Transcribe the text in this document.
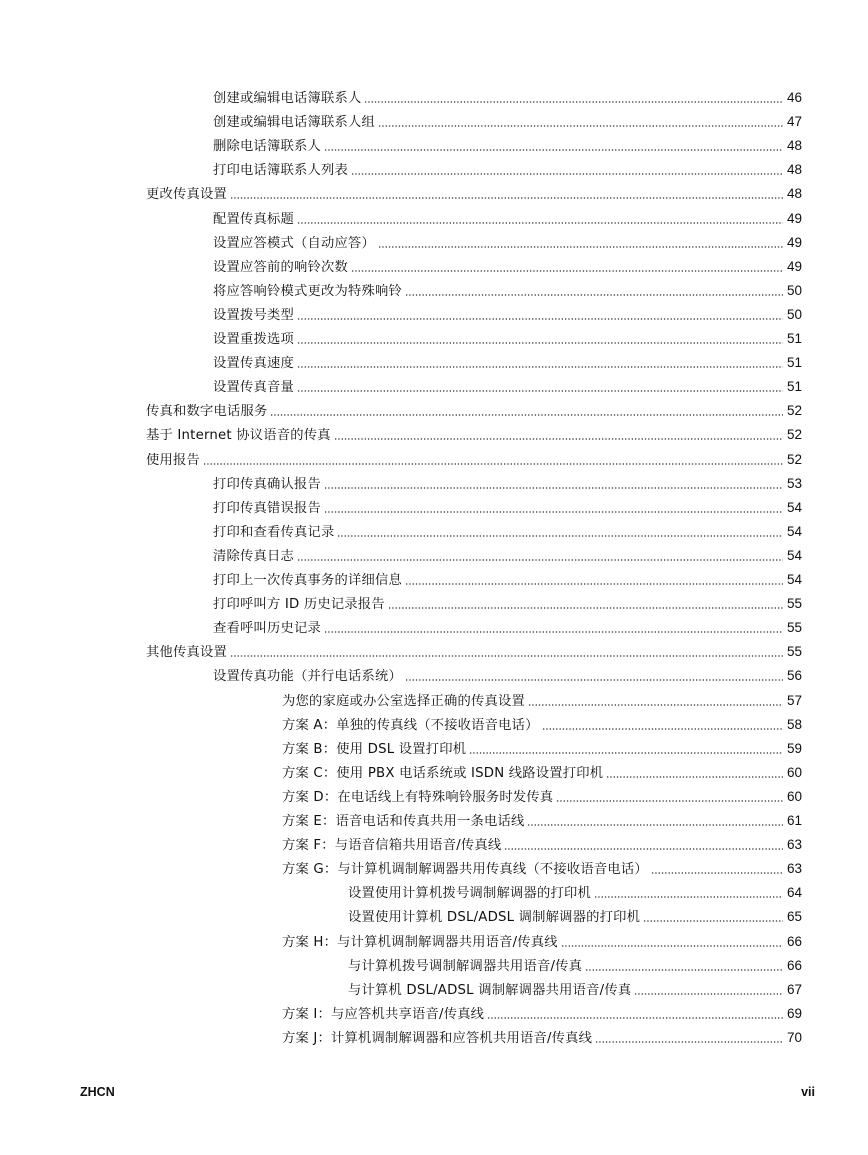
创建或编辑电话簿联系人	46
创建或编辑电话簿联系人组	47
删除电话簿联系人	48
打印电话簿联系人列表	48
更改传真设置	48
配置传真标题	49
设置应答模式（自动应答）	49
设置应答前的响铃次数	49
将应答响铃模式更改为特殊响铃	50
设置拨号类型	50
设置重拨选项	51
设置传真速度	51
设置传真音量	51
传真和数字电话服务	52
基于 Internet 协议语音的传真	52
使用报告	52
打印传真确认报告	53
打印传真错误报告	54
打印和查看传真记录	54
清除传真日志	54
打印上一次传真事务的详细信息	54
打印呼叫方 ID 历史记录报告	55
查看呼叫历史记录	55
其他传真设置	55
设置传真功能（并行电话系统）	56
为您的家庭或办公室选择正确的传真设置	57
方案 A：单独的传真线（不接收语音电话）	58
方案 B：使用 DSL 设置打印机	59
方案 C：使用 PBX 电话系统或 ISDN 线路设置打印机	60
方案 D：在电话线上有特殊响铃服务时发传真	60
方案 E：语音电话和传真共用一条电话线	61
方案 F：与语音信箱共用语音/传真线	63
方案 G：与计算机调制解调器共用传真线（不接收语音电话）	63
设置使用计算机拨号调制解调器的打印机	64
设置使用计算机 DSL/ADSL 调制解调器的打印机	65
方案 H：与计算机调制解调器共用语音/传真线	66
与计算机拨号调制解调器共用语音/传真	66
与计算机 DSL/ADSL 调制解调器共用语音/传真	67
方案 I：与应答机共享语音/传真线	69
方案 J：计算机调制解调器和应答机共用语音/传真线	70
ZHCN	vii
